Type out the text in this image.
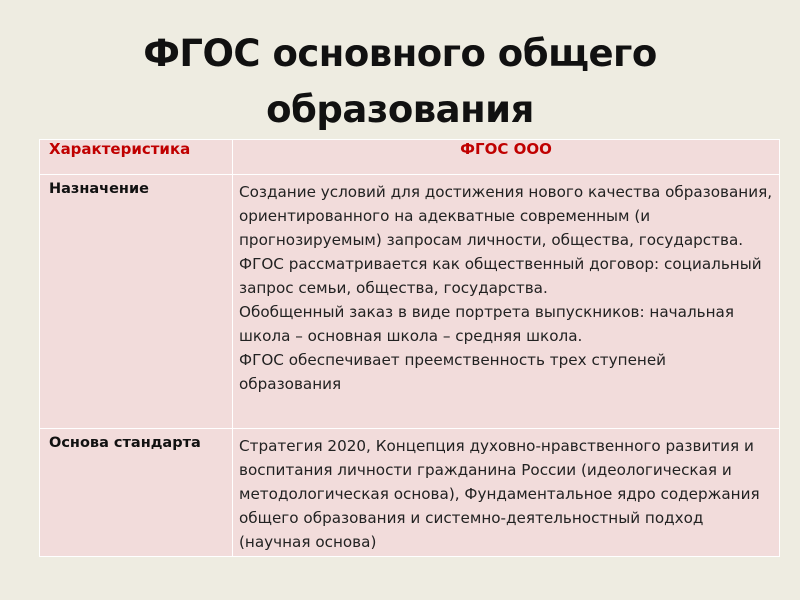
ФГОС основного общего
образования
Характеристика	ФГОС ООО
Назначение	Создание условий для достижения нового качества образования, ориентированного на адекватные современным (и прогнозируемым) запросам личности, общества, государства. ФГОС рассматривается как общественный договор: социальный запрос семьи, общества, государства.
Обобщенный заказ в виде портрета выпускников: начальная школа – основная школа – средняя школа.
ФГОС обеспечивает преемственность трех ступеней образования

Основа стандарта	Стратегия 2020, Концепция духовно-нравственного развития и воспитания личности гражданина России (идеологическая и методологическая основа), Фундаментальное ядро содержания общего образования и системно-деятельностный подход (научная основа)
